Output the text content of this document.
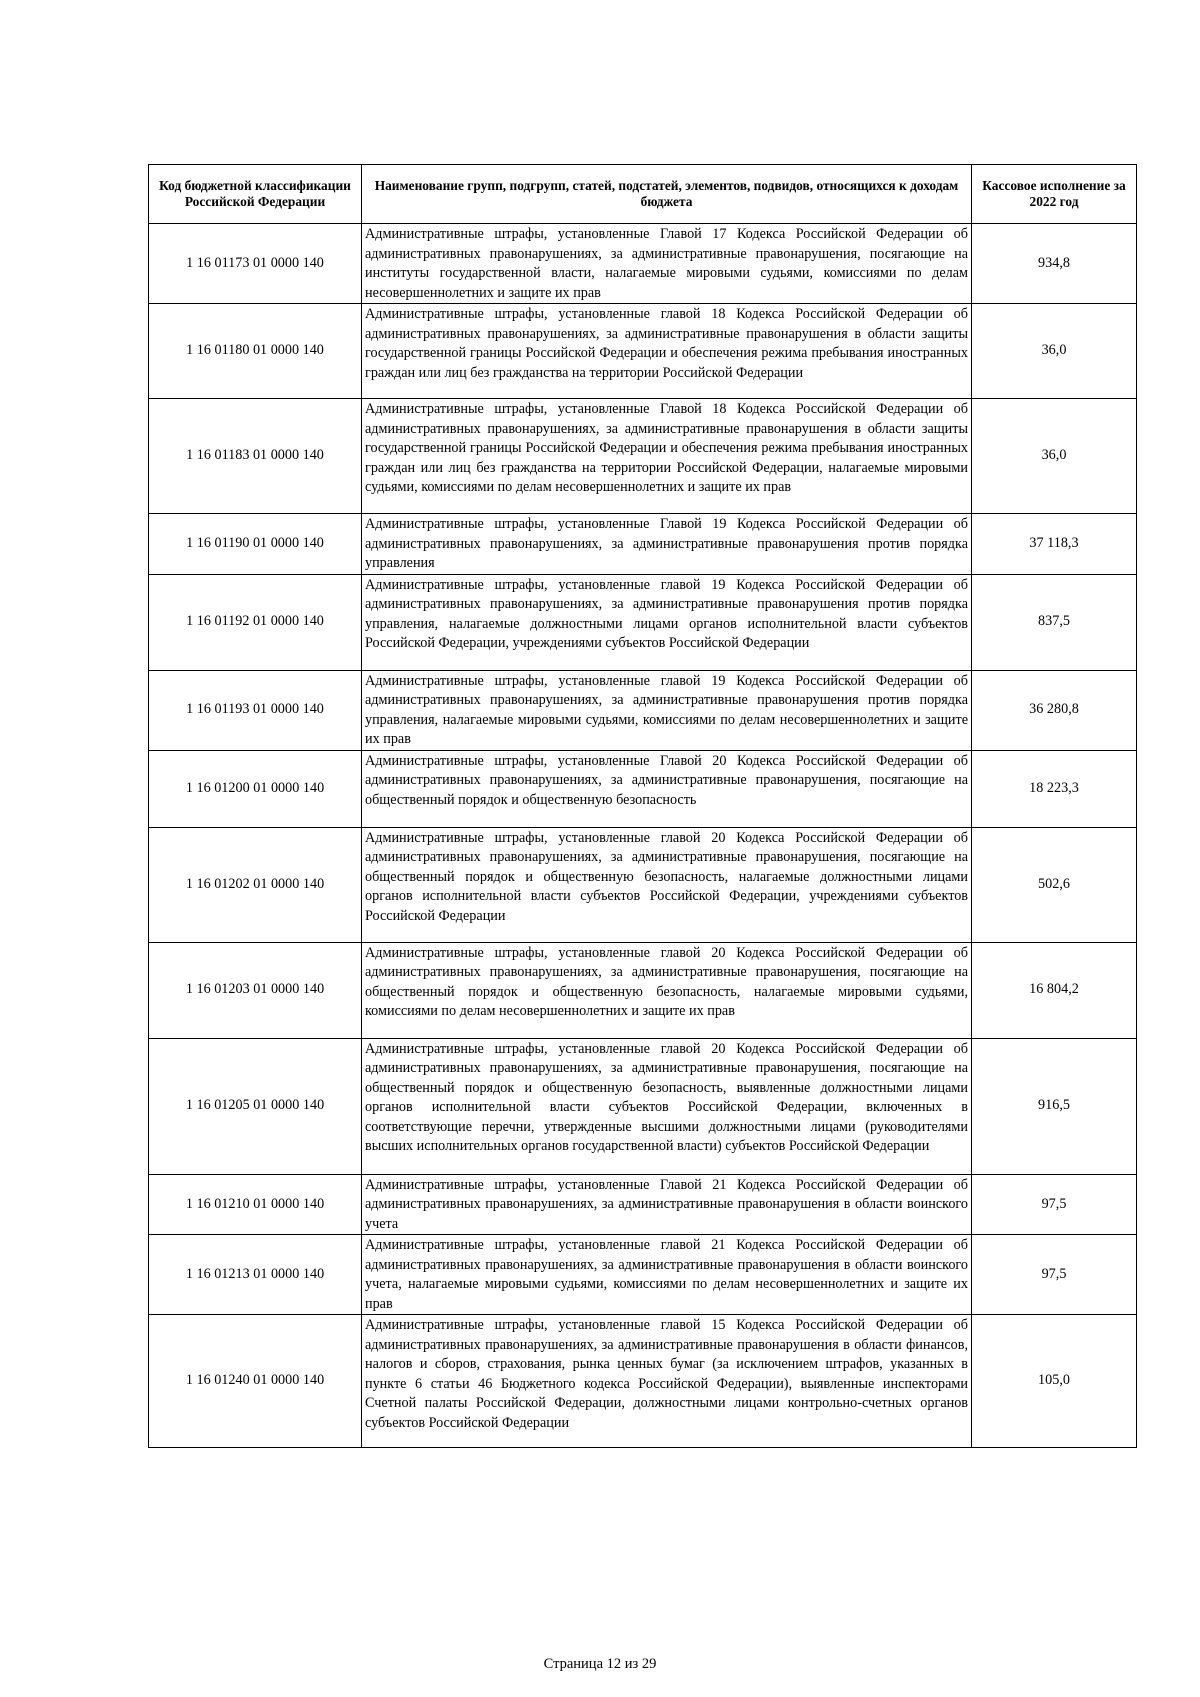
Код бюджетной классификации Российской Федерации	Наименование групп, подгрупп, статей, подстатей, элементов, подвидов, относящихся к доходам бюджета	Кассовое исполнение за 2022 год
1 16 01173 01 0000 140	Административные штрафы, установленные Главой 17 Кодекса Российской Федерации об административных правонарушениях, за административные правонарушения, посягающие на институты государственной власти, налагаемые мировыми судьями, комиссиями по делам несовершеннолетних и защите их прав	934,8
1 16 01180 01 0000 140	Административные штрафы, установленные главой 18 Кодекса Российской Федерации об административных правонарушениях, за административные правонарушения в области защиты государственной границы Российской Федерации и обеспечения режима пребывания иностранных граждан или лиц без гражданства на территории Российской Федерации	36,0
1 16 01183 01 0000 140	Административные штрафы, установленные Главой 18 Кодекса Российской Федерации об административных правонарушениях, за административные правонарушения в области защиты государственной границы Российской Федерации и обеспечения режима пребывания иностранных граждан или лиц без гражданства на территории Российской Федерации, налагаемые мировыми судьями, комиссиями по делам несовершеннолетних и защите их прав	36,0
1 16 01190 01 0000 140	Административные штрафы, установленные Главой 19 Кодекса Российской Федерации об административных правонарушениях, за административные правонарушения против порядка управления	37 118,3
1 16 01192 01 0000 140	Административные штрафы, установленные главой 19 Кодекса Российской Федерации об административных правонарушениях, за административные правонарушения против порядка управления, налагаемые должностными лицами органов исполнительной власти субъектов Российской Федерации, учреждениями субъектов Российской Федерации	837,5
1 16 01193 01 0000 140	Административные штрафы, установленные главой 19 Кодекса Российской Федерации об административных правонарушениях, за административные правонарушения против порядка управления, налагаемые мировыми судьями, комиссиями по делам несовершеннолетних и защите их прав	36 280,8
1 16 01200 01 0000 140	Административные штрафы, установленные Главой 20 Кодекса Российской Федерации об административных правонарушениях, за административные правонарушения, посягающие на общественный порядок и общественную безопасность	18 223,3
1 16 01202 01 0000 140	Административные штрафы, установленные главой 20 Кодекса Российской Федерации об административных правонарушениях, за административные правонарушения, посягающие на общественный порядок и общественную безопасность, налагаемые должностными лицами органов исполнительной власти субъектов Российской Федерации, учреждениями субъектов Российской Федерации	502,6
1 16 01203 01 0000 140	Административные штрафы, установленные главой 20 Кодекса Российской Федерации об административных правонарушениях, за административные правонарушения, посягающие на общественный порядок и общественную безопасность, налагаемые мировыми судьями, комиссиями по делам несовершеннолетних и защите их прав	16 804,2
1 16 01205 01 0000 140	Административные штрафы, установленные главой 20 Кодекса Российской Федерации об административных правонарушениях, за административные правонарушения, посягающие на общественный порядок и общественную безопасность, выявленные должностными лицами органов исполнительной власти субъектов Российской Федерации, включенных в соответствующие перечни, утвержденные высшими должностными лицами (руководителями высших исполнительных органов государственной власти) субъектов Российской Федерации	916,5
1 16 01210 01 0000 140	Административные штрафы, установленные Главой 21 Кодекса Российской Федерации об административных правонарушениях, за административные правонарушения в области воинского учета	97,5
1 16 01213 01 0000 140	Административные штрафы, установленные главой 21 Кодекса Российской Федерации об административных правонарушениях, за административные правонарушения в области воинского учета, налагаемые мировыми судьями, комиссиями по делам несовершеннолетних и защите их прав	97,5
1 16 01240 01 0000 140	Административные штрафы, установленные главой 15 Кодекса Российской Федерации об административных правонарушениях, за административные правонарушения в области финансов, налогов и сборов, страхования, рынка ценных бумаг (за исключением штрафов, указанных в пункте 6 статьи 46 Бюджетного кодекса Российской Федерации), выявленные инспекторами Счетной палаты Российской Федерации, должностными лицами контрольно-счетных органов субъектов Российской Федерации	105,0
Страница 12 из 29
